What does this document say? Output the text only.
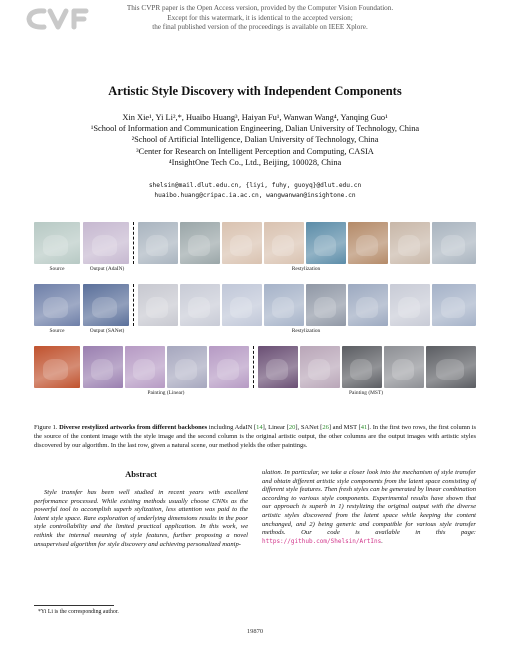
This CVPR paper is the Open Access version, provided by the Computer Vision Foundation.
Except for this watermark, it is identical to the accepted version;
the final published version of the proceedings is available on IEEE Xplore.
Artistic Style Discovery with Independent Components
Xin Xie¹, Yi Li²,*, Huaibo Huang³, Haiyan Fu¹, Wanwan Wang⁴, Yanqing Guo¹
¹School of Information and Communication Engineering, Dalian University of Technology, China
²School of Artificial Intelligence, Dalian University of Technology, China
³Center for Research on Intelligent Perception and Computing, CASIA
⁴InsightOne Tech Co., Ltd., Beijing, 100028, China
shelsin@mail.dlut.edu.cn, {liyi, fuhy, guoyq}@dlut.edu.cn
huaibo.huang@cripac.ia.ac.cn, wangwanwan@insightone.cn
Source	Output (AdaIN)	Restylization
Source	Output (SANet)	Restylization
Painting (Linear)	Painting (MST)
Figure 1. Diverse restylized artworks from different backbones including AdaIN [14], Linear [20], SANet [26] and MST [41]. In the first two rows, the first column is the source of the content image with the style image and the second column is the original artistic output, the other columns are the output images with artistic styles discovered by our algorithm. In the last row, given a natural scene, our method yields the other paintings.
Abstract
Style transfer has been well studied in recent years with excellent performance processed. While existing methods usually choose CNNs as the powerful tool to accomplish superb stylization, less attention was paid to the latent style space. Rare exploration of underlying dimensions results in the poor style controllability and the limited practical application. In this work, we rethink the internal meaning of style features, further proposing a novel unsupervised algorithm for style discovery and achieving personalized manip-
ulation. In particular, we take a closer look into the mechanism of style transfer and obtain different artistic style components from the latent space consisting of different style features. Then fresh styles can be generated by linear combination according to various style components. Experimental results have shown that our approach is superb in 1) restylizing the original output with the diverse artistic styles discovered from the latent space while keeping the content unchanged, and 2) being generic and compatible for various style transfer methods. Our code is available in this page: https://github.com/Shelsin/ArtIns.
*Yi Li is the corresponding author.
19870
